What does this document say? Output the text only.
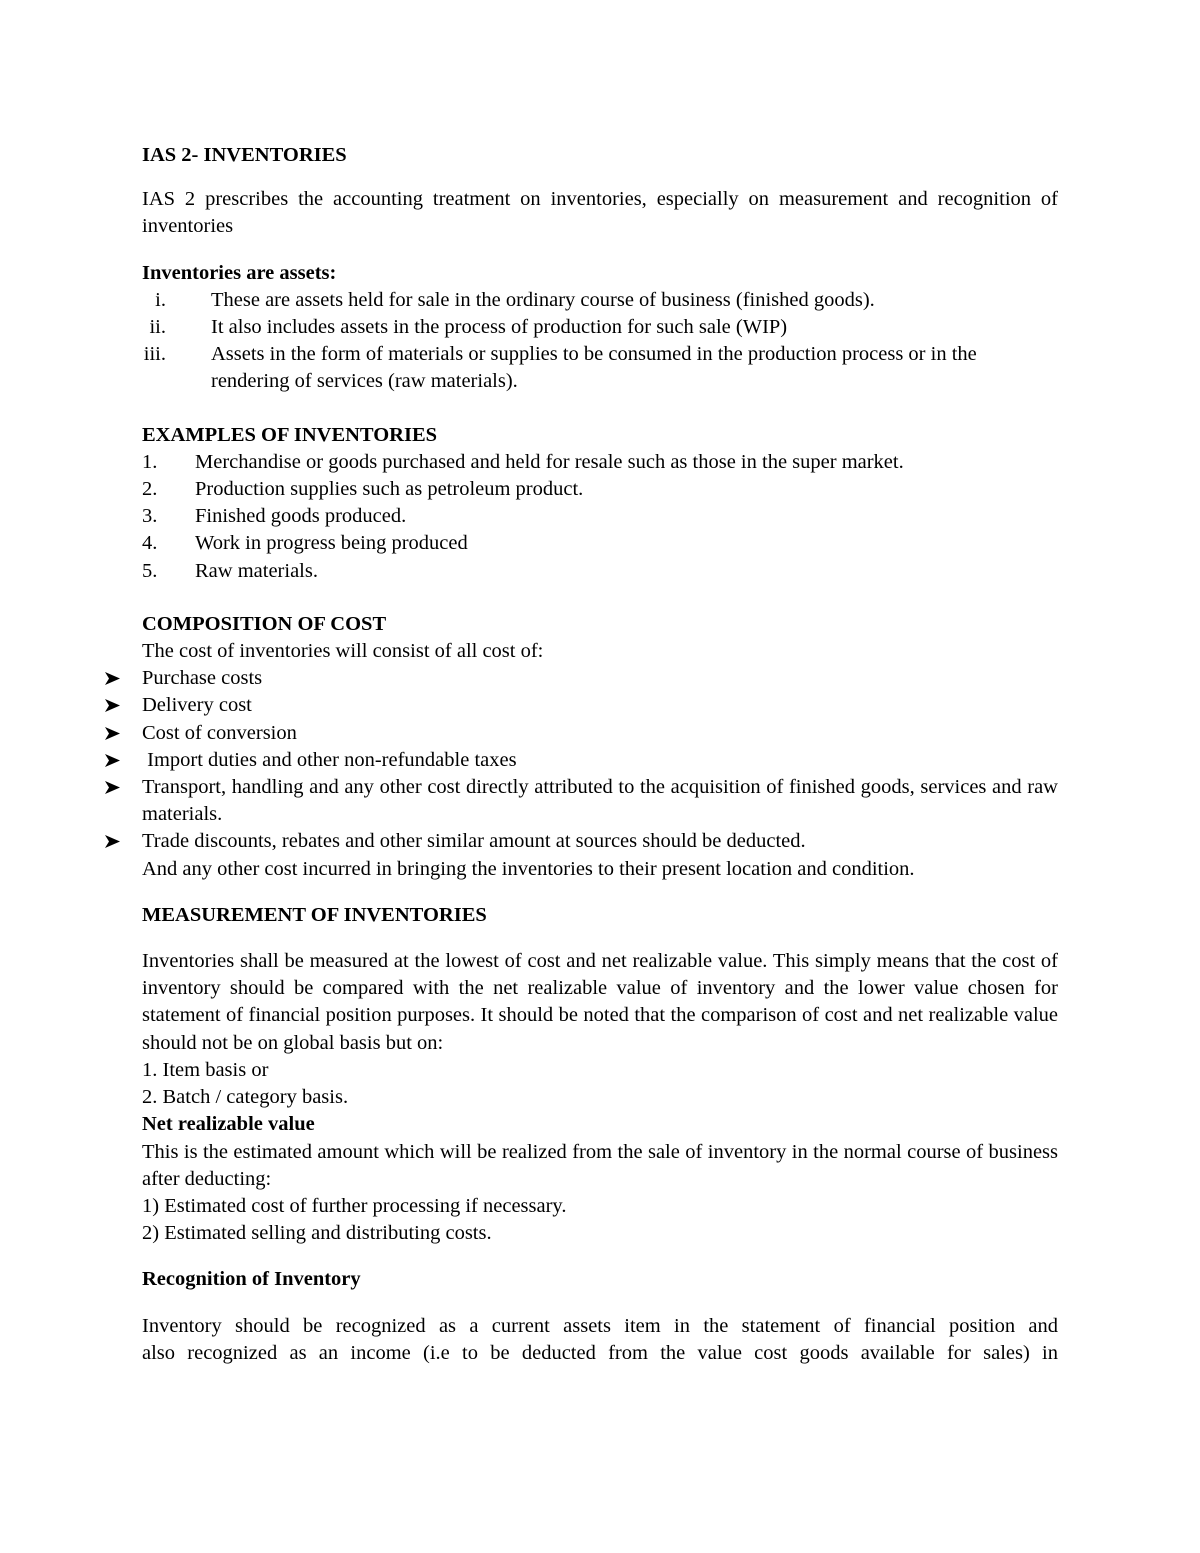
IAS 2- INVENTORIES

IAS 2 prescribes the accounting treatment on inventories, especially on measurement and recognition of inventories

Inventories are assets:

i. These are assets held for sale in the ordinary course of business (finished goods).
ii. It also includes assets in the process of production for such sale (WIP)
iii. Assets in the form of materials or supplies to be consumed in the production process or in the rendering of services (raw materials).

EXAMPLES OF INVENTORIES

1. Merchandise or goods purchased and held for resale such as those in the super market.
2. Production supplies such as petroleum product.
3. Finished goods produced.
4. Work in progress being produced
5. Raw materials.

COMPOSITION OF COST

The cost of inventories will consist of all cost of:

Purchase costs
Delivery cost
Cost of conversion
Import duties and other non-refundable taxes
Transport, handling and any other cost directly attributed to the acquisition of finished goods, services and raw materials.
Trade discounts, rebates and other similar amount at sources should be deducted.

And any other cost incurred in bringing the inventories to their present location and condition.

MEASUREMENT OF INVENTORIES

Inventories shall be measured at the lowest of cost and net realizable value. This simply means that the cost of inventory should be compared with the net realizable value of inventory and the lower value chosen for statement of financial position purposes. It should be noted that the comparison of cost and net realizable value should not be on global basis but on:

1. Item basis or

2. Batch / category basis.

Net realizable value

This is the estimated amount which will be realized from the sale of inventory in the normal course of business after deducting:

1) Estimated cost of further processing if necessary.

2) Estimated selling and distributing costs.

Recognition of Inventory

Inventory should be recognized as a current assets item in the statement of financial position and
also recognized as an income (i.e to be deducted from the value cost goods available for sales) in
